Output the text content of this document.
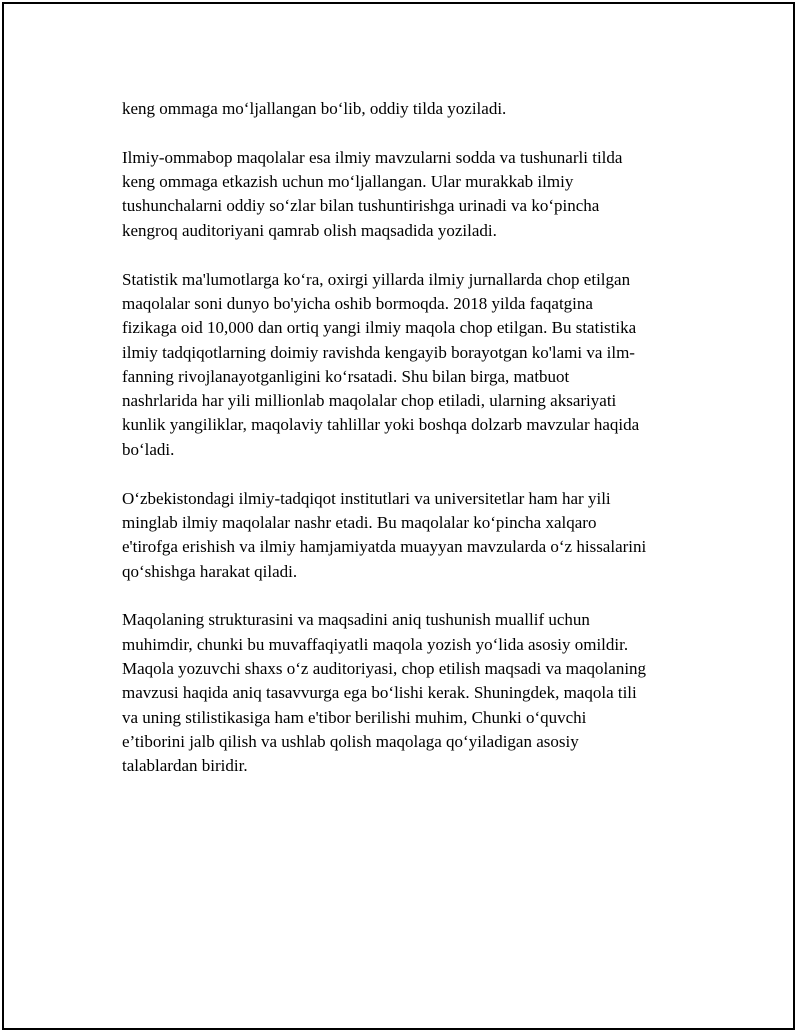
keng ommaga moʻljallangan boʻlib, oddiy tilda yoziladi.
Ilmiy-ommabop maqolalar esa ilmiy mavzularni sodda va tushunarli tilda
keng ommaga etkazish uchun moʻljallangan. Ular murakkab ilmiy
tushunchalarni oddiy soʻzlar bilan tushuntirishga urinadi va koʻpincha
kengroq auditoriyani qamrab olish maqsadida yoziladi.
Statistik ma'lumotlarga koʻra, oxirgi yillarda ilmiy jurnallarda chop etilgan
maqolalar soni dunyo bo'yicha oshib bormoqda. 2018 yilda faqatgina
fizikaga oid 10,000 dan ortiq yangi ilmiy maqola chop etilgan. Bu statistika
ilmiy tadqiqotlarning doimiy ravishda kengayib borayotgan ko'lami va ilm-
fanning rivojlanayotganligini koʻrsatadi. Shu bilan birga, matbuot
nashrlarida har yili millionlab maqolalar chop etiladi, ularning aksariyati
kunlik yangiliklar, maqolaviy tahlillar yoki boshqa dolzarb mavzular haqida
boʻladi.
Oʻzbekistondagi ilmiy-tadqiqot institutlari va universitetlar ham har yili
minglab ilmiy maqolalar nashr etadi. Bu maqolalar koʻpincha xalqaro
e'tirofga erishish va ilmiy hamjamiyatda muayyan mavzularda oʻz hissalarini
qoʻshishga harakat qiladi.
Maqolaning strukturasini va maqsadini aniq tushunish muallif uchun
muhimdir, chunki bu muvaffaqiyatli maqola yozish yoʻlida asosiy omildir.
Maqola yozuvchi shaxs oʻz auditoriyasi, chop etilish maqsadi va maqolaning
mavzusi haqida aniq tasavvurga ega boʻlishi kerak. Shuningdek, maqola tili
va uning stilistikasiga ham e'tibor berilishi muhim, Chunki oʻquvchi
e’tiborini jalb qilish va ushlab qolish maqolaga qoʻyiladigan asosiy
talablardan biridir.
